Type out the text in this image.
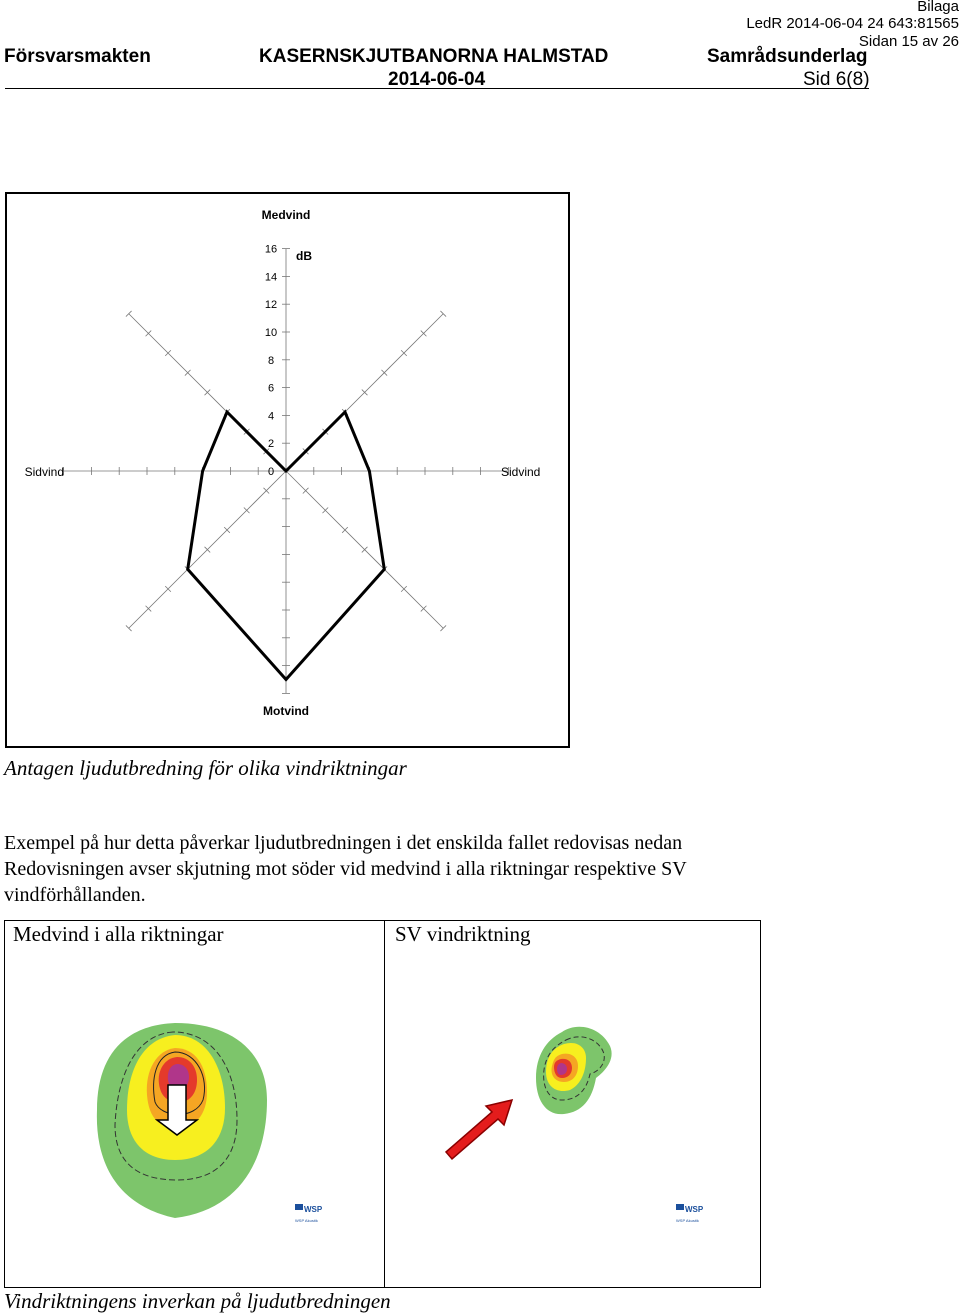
Bilaga
LedR 2014-06-04 24 643:81565
Sidan 15 av 26
Försvarsmakten	KASERNSKJUTBANORNA HALMSTAD	Samrådsunderlag
2014-06-04	Sid 6(8)
0
2
4
6
8
10
12
14
16
Medvind
Motvind
Sidvind	Sidvind
dB
Antagen ljudutbredning för olika vindriktningar
Exempel på hur detta påverkar ljudutbredningen i det enskilda fallet redovisas nedan
Redovisningen avser skjutning mot söder vid medvind i alla riktningar respektive SV
vindförhållanden.
Medvind i alla riktningar	SV vindriktning
WSP
WSP Akustik
WSP
WSP Akustik
Vindriktningens inverkan på ljudutbredningen
